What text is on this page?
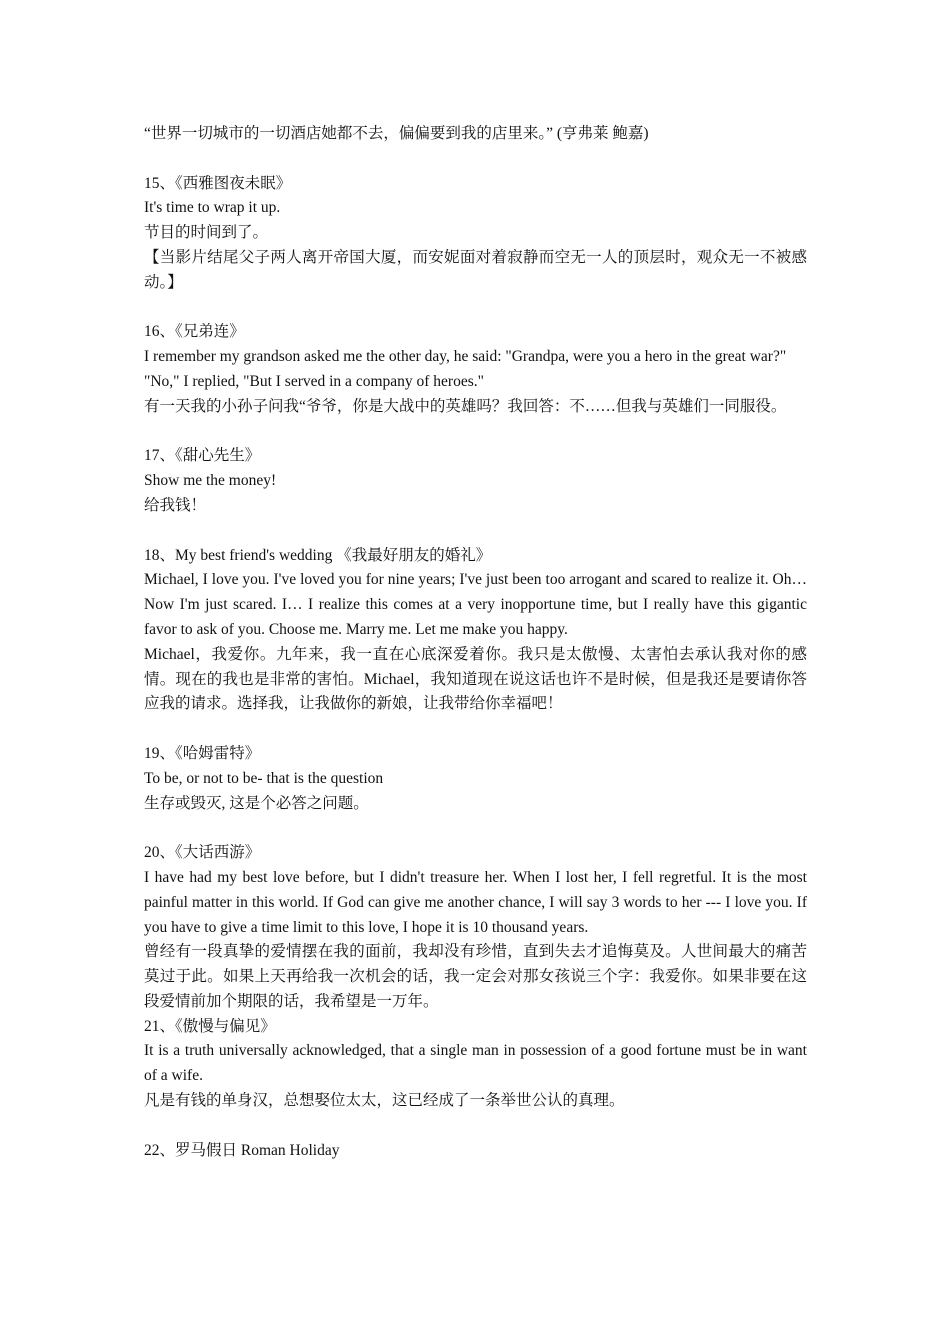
“世界一切城市的一切酒店她都不去，偏偏要到我的店里来。” (亨弗莱 鲍嘉)

15、《西雅图夜未眠》

It's time to wrap it up.

节目的时间到了。

【当影片结尾父子两人离开帝国大厦，而安妮面对着寂静而空无一人的顶层时，观众无一不被感动。】

16、《兄弟连》

I remember my grandson asked me the other day, he said: "Grandpa, were you a hero in the great war?"

"No," I replied, "But I served in a company of heroes."

有一天我的小孙子问我“爷爷，你是大战中的英雄吗？我回答：不……但我与英雄们一同服役。

17、《甜心先生》

Show me the money!

给我钱！

18、My best friend's wedding 《我最好朋友的婚礼》

Michael, I love you. I've loved you for nine years; I've just been too arrogant and scared to realize it. Oh… Now I'm just scared. I… I realize this comes at a very inopportune time, but I really have this gigantic favor to ask of you. Choose me. Marry me. Let me make you happy.

Michael，我爱你。九年来，我一直在心底深爱着你。我只是太傲慢、太害怕去承认我对你的感情。现在的我也是非常的害怕。Michael，我知道现在说这话也许不是时候，但是我还是要请你答应我的请求。选择我，让我做你的新娘，让我带给你幸福吧！

19、《哈姆雷特》

To be, or not to be- that is the question

生存或毁灭, 这是个必答之问题。

20、《大话西游》

I have had my best love before, but I didn't treasure her. When I lost her, I fell regretful. It is the most painful matter in this world. If God can give me another chance, I will say 3 words to her --- I love you. If you have to give a time limit to this love, I hope it is 10 thousand years.

曾经有一段真挚的爱情摆在我的面前，我却没有珍惜，直到失去才追悔莫及。人世间最大的痛苦莫过于此。如果上天再给我一次机会的话，我一定会对那女孩说三个字：我爱你。如果非要在这段爱情前加个期限的话，我希望是一万年。

21、《傲慢与偏见》

It is a truth universally acknowledged, that a single man in possession of a good fortune must be in want of a wife.

凡是有钱的单身汉，总想娶位太太，这已经成了一条举世公认的真理。

22、罗马假日 Roman Holiday
